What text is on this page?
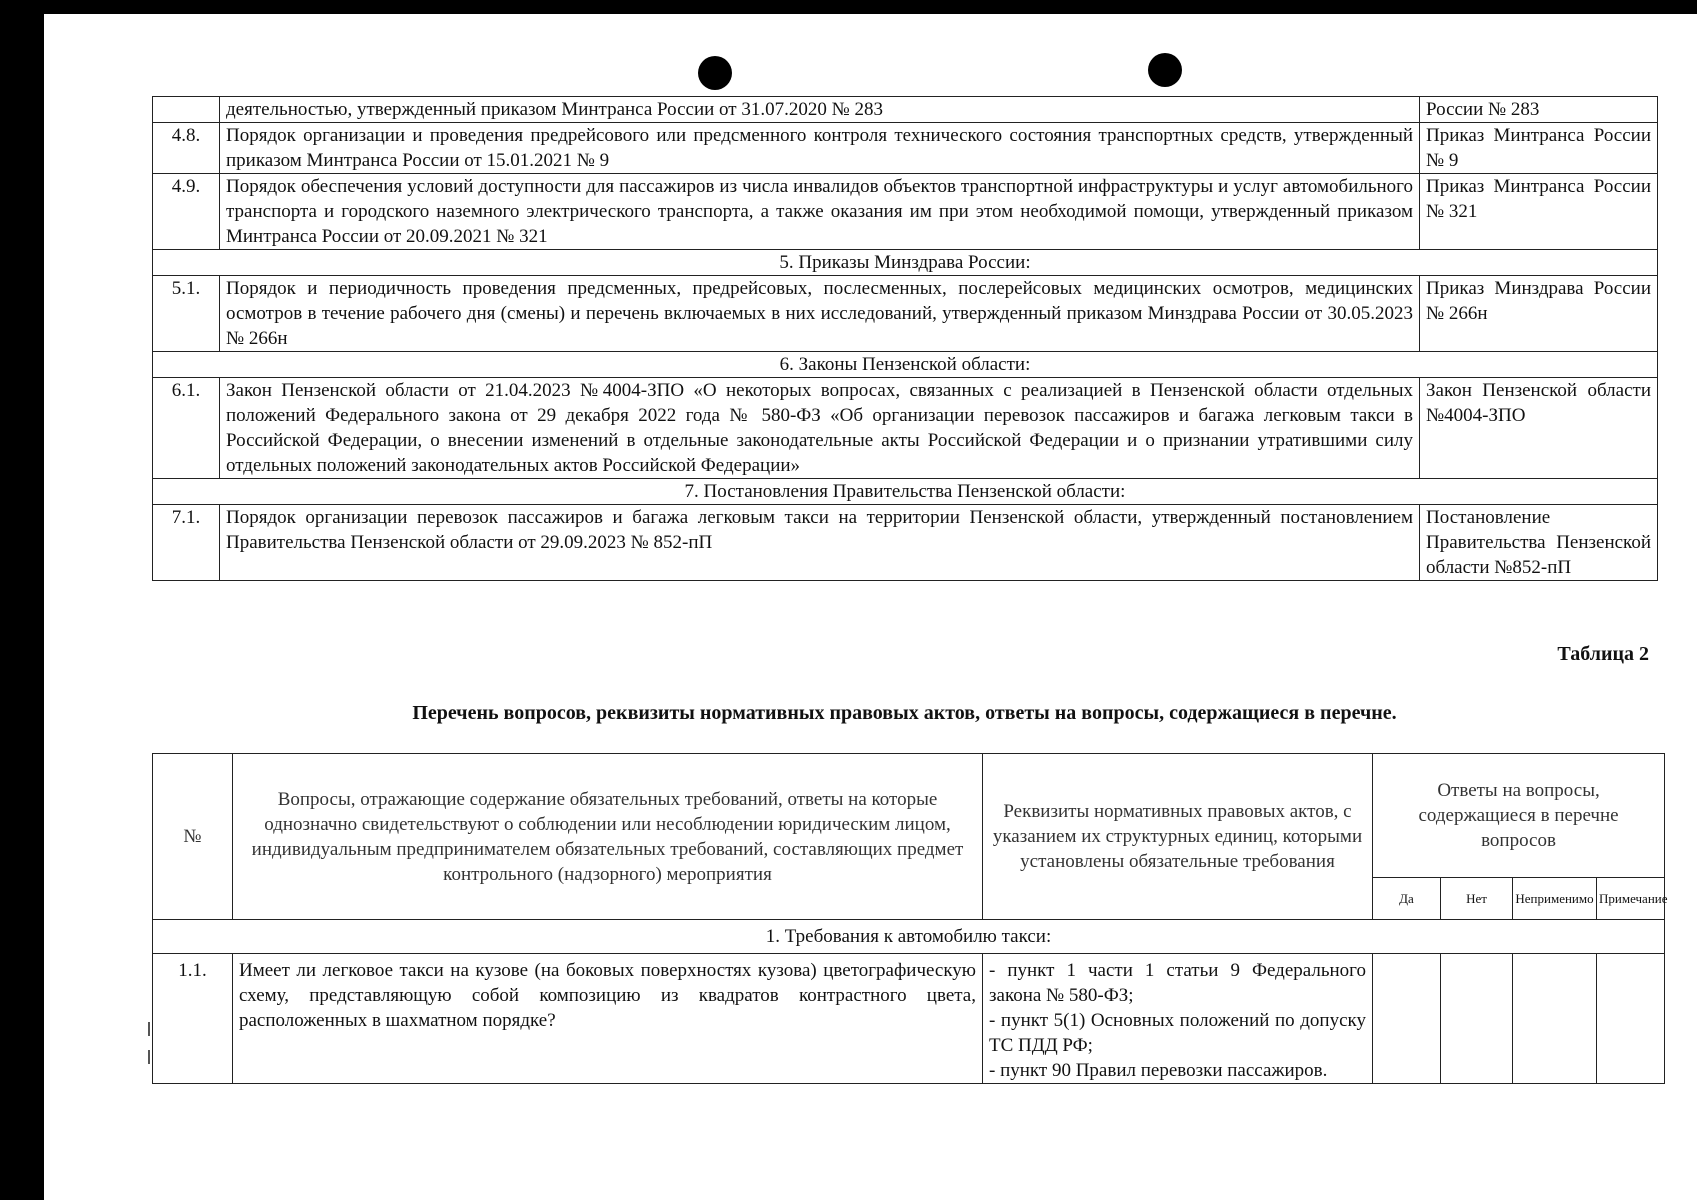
	деятельностью, утвержденный приказом Минтранса России от 31.07.2020 № 283	России № 283
4.8.	Порядок организации и проведения предрейсового или предсменного контроля технического состояния транспортных средств, утвержденный приказом Минтранса России от 15.01.2021 № 9	Приказ Минтранса России № 9
4.9.	Порядок обеспечения условий доступности для пассажиров из числа инвалидов объектов транспортной инфраструктуры и услуг автомобильного транспорта и городского наземного электрического транспорта, а также оказания им при этом необходимой помощи, утвержденный приказом Минтранса России от 20.09.2021 № 321	Приказ Минтранса России № 321
5. Приказы Минздрава России:		
5.1.	Порядок и периодичность проведения предсменных, предрейсовых, послесменных, послерейсовых медицинских осмотров, медицинских осмотров в течение рабочего дня (смены) и перечень включаемых в них исследований, утвержденный приказом Минздрава России от 30.05.2023 № 266н	Приказ Минздрава России № 266н
6. Законы Пензенской области:		
6.1.	Закон Пензенской области от 21.04.2023 №4004-ЗПО «О некоторых вопросах, связанных с реализацией в Пензенской области отдельных положений Федерального закона от 29 декабря 2022 года № 580-ФЗ «Об организации перевозок пассажиров и багажа легковым такси в Российской Федерации, о внесении изменений в отдельные законодательные акты Российской Федерации и о признании утратившими силу отдельных положений законодательных актов Российской Федерации»	Закон Пензенской области №4004-ЗПО
7. Постановления Правительства Пензенской области:		
7.1.	Порядок организации перевозок пассажиров и багажа легковым такси на территории Пензенской области, утвержденный постановлением Правительства Пензенской области от 29.09.2023 № 852-пП	Постановление Правительства Пензенской области №852-пП
Таблица 2
Перечень вопросов, реквизиты нормативных правовых актов, ответы на вопросы, содержащиеся в перечне.
№	Вопросы, отражающие содержание обязательных требований, ответы на которые однозначно свидетельствуют о соблюдении или несоблюдении юридическим лицом, индивидуальным предпринимателем обязательных требований, составляющих предмет контрольного (надзорного) мероприятия	Реквизиты нормативных правовых актов, с указанием их структурных единиц, которыми установлены обязательные требования	Ответы на вопросы, содержащиеся в перечне вопросов			
			Да	Нет	Неприменимо	Примечание
1. Требования к автомобилю такси:						
1.1.	Имеет ли легковое такси на кузове (на боковых поверхностях кузова) цветографическую схему, представляющую собой композицию из квадратов контрастного цвета, расположенных в шахматном порядке?	- пункт 1 части 1 статьи 9 Федерального закона № 580-ФЗ;
- пункт 5(1) Основных положений по допуску ТС ПДД РФ;
- пункт 90 Правил перевозки пассажиров.				
